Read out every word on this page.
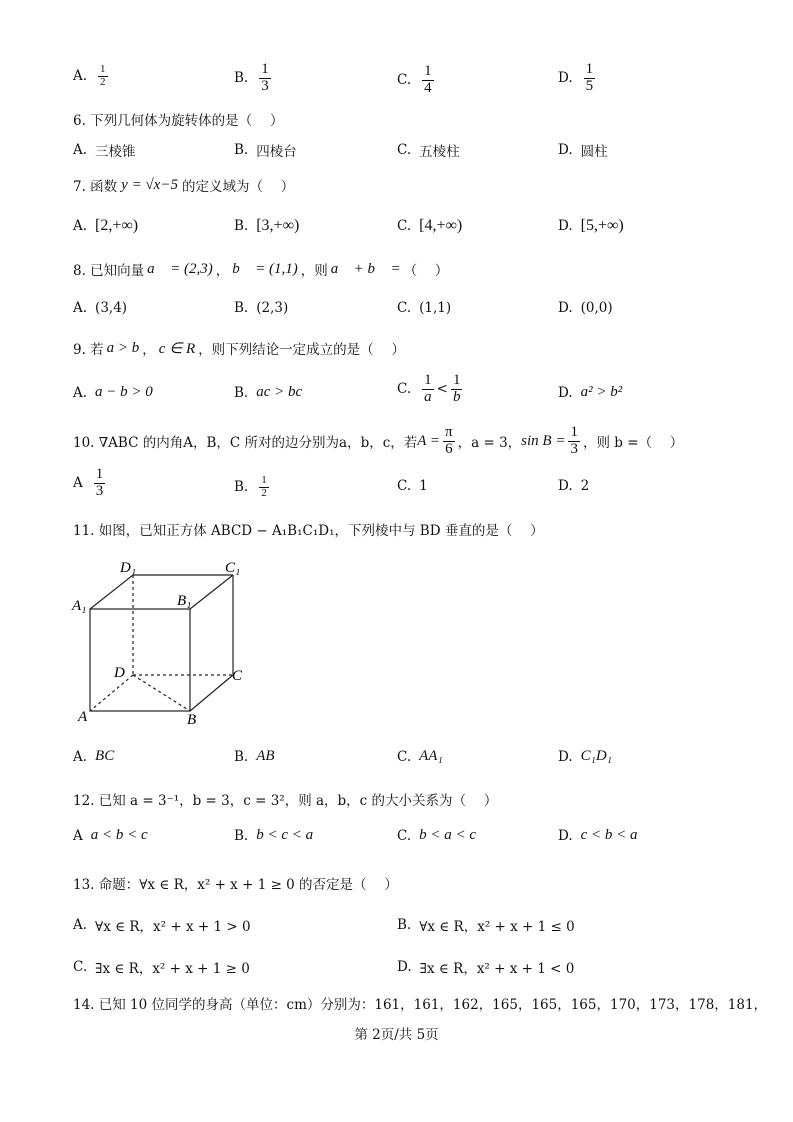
A. $\frac{1}{2}$	B. $\frac{1}{3}$	C. $\frac{1}{4}$	D. $\frac{1}{5}$
6. 下列几何体为旋转体的是（　 ）
A. 三棱锥	B. 四棱台	C. 五棱柱	D. 圆柱
7. 函数 y = √x−5 的定义域为（　 ）
A. [2,+∞)	B. [3,+∞)	C. [4,+∞)	D. [5,+∞)
8. 已知向量 a⃗ = (2,3) ， b⃗ = (1,1) ，则 a⃗ + b⃗ = （　 ）
A. (3,4)	B. (2,3)	C. (1,1)	D. (0,0)
9. 若 a > b ， c ∈ R ，则下列结论一定成立的是（　 ）
A. a − b > 0	B. ac > bc	C. $\frac{1}{a} < \frac{1}{b}$	D. a² > b²
10. ∇ABC 的内角A，B，C 所对的边分别为a，b，c，若 $A = \frac{\pi}{6}$ ，a = 3， $\sin B = \frac{1}{3}$ ，则 b =（　 ）
A $\frac{1}{3}$	B. $\frac{1}{2}$	C. 1	D. 2
11. 如图，已知正方体 ABCD − A₁B₁C₁D₁，下列棱中与 BD 垂直的是（　 ）
A	B
C
D
A₁	B₁
C₁
D₁
A. BC	B. AB	C. AA₁	D. C₁D₁
12. 已知 a = 3⁻¹，b = 3，c = 3²，则 a，b，c 的大小关系为（　 ）
A a < b < c	B. b < c < a	C. b < a < c	D. c < b < a
13. 命题：∀x ∈ R，x² + x + 1 ≥ 0 的否定是（　 ）
A. ∀x ∈ R，x² + x + 1 > 0	B. ∀x ∈ R，x² + x + 1 ≤ 0
C. ∃x ∈ R，x² + x + 1 ≥ 0	D. ∃x ∈ R，x² + x + 1 < 0
14. 已知 10 位同学的身高（单位：cm）分别为：161，161，162，165，165，165，170，173，178，181，
第 2页/共 5页
